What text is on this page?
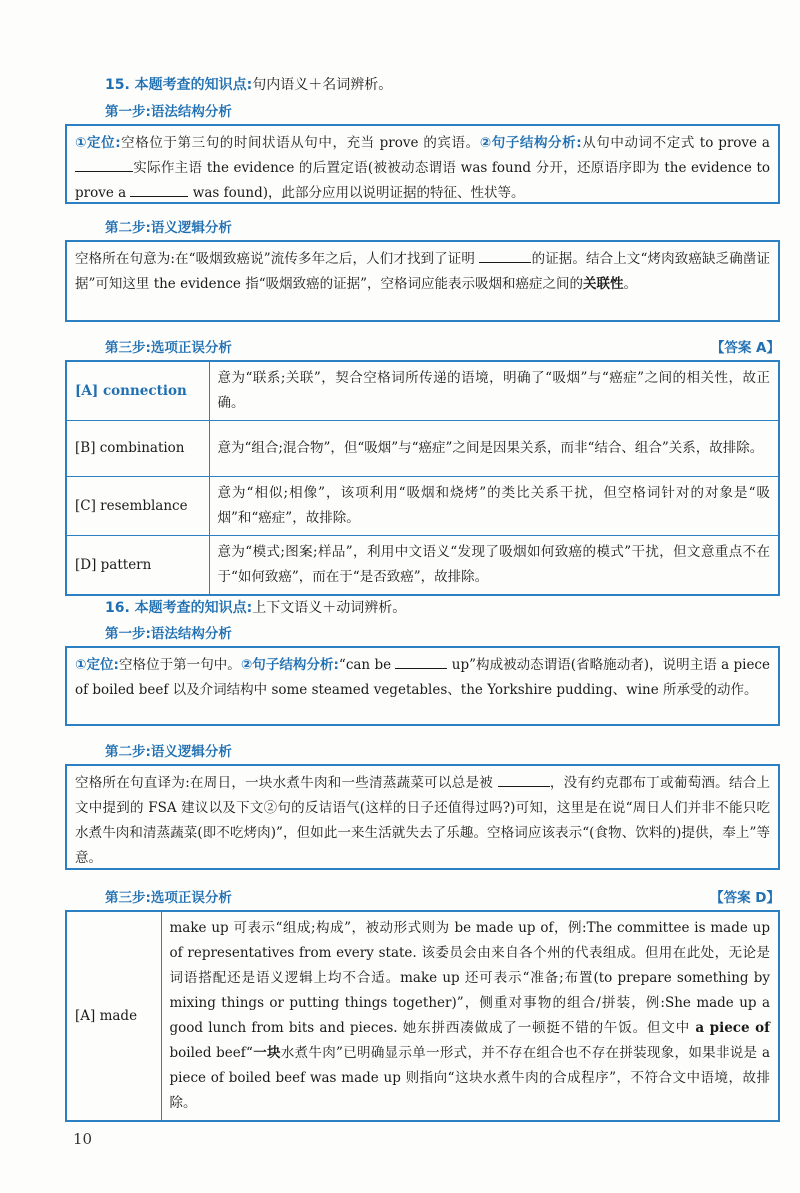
15. 本题考查的知识点:句内语义＋名词辨析。
第一步:语法结构分析
①定位:空格位于第三句的时间状语从句中，充当 prove 的宾语。②句子结构分析:从句中动词不定式 to prove a 实际作主语 the evidence 的后置定语(被被动态谓语 was found 分开，还原语序即为 the evidence to prove a	was found)，此部分应用以说明证据的特征、性状等。
第二步:语义逻辑分析
空格所在句意为:在“吸烟致癌说”流传多年之后，人们才找到了证明	的证据。结合上文“烤肉致癌缺乏确凿证据”可知这里 the evidence 指“吸烟致癌的证据”，空格词应能表示吸烟和癌症之间的关联性。
第三步:选项正误分析	【答案 A】
[A] connection	意为“联系;关联”，契合空格词所传递的语境，明确了“吸烟”与“癌症”之间的相关性，故正确。
[B] combination	意为“组合;混合物”，但“吸烟”与“癌症”之间是因果关系，而非“结合、组合”关系，故排除。
[C] resemblance	意为“相似;相像”，该项利用“吸烟和烧烤”的类比关系干扰，但空格词针对的对象是“吸烟”和“癌症”，故排除。
[D] pattern	意为“模式;图案;样品”，利用中文语义“发现了吸烟如何致癌的模式”干扰，但文意重点不在于“如何致癌”，而在于“是否致癌”，故排除。
16. 本题考查的知识点:上下文语义＋动词辨析。
第一步:语法结构分析
①定位:空格位于第一句中。②句子结构分析:“can be	up”构成被动态谓语(省略施动者)，说明主语 a piece of boiled beef 以及介词结构中 some steamed vegetables、the Yorkshire pudding、wine 所承受的动作。
第二步:语义逻辑分析
空格所在句直译为:在周日，一块水煮牛肉和一些清蒸蔬菜可以总是被	，没有约克郡布丁或葡萄酒。结合上文中提到的 FSA 建议以及下文②句的反诘语气(这样的日子还值得过吗?)可知，这里是在说“周日人们并非不能只吃水煮牛肉和清蒸蔬菜(即不吃烤肉)”，但如此一来生活就失去了乐趣。空格词应该表示“(食物、饮料的)提供，奉上”等意。
第三步:选项正误分析	【答案 D】
[A] made	make up 可表示“组成;构成”，被动形式则为 be made up of，例:The committee is made up of representatives from every state. 该委员会由来自各个州的代表组成。但用在此处，无论是词语搭配还是语义逻辑上均不合适。make up 还可表示“准备;布置(to prepare something by mixing things or putting things together)”，侧重对事物的组合/拼装，例:She made up a good lunch from bits and pieces. 她东拼西凑做成了一顿挺不错的午饭。但文中 a piece of boiled beef“一块水煮牛肉”已明确显示单一形式，并不存在组合也不存在拼装现象，如果非说是 a piece of boiled beef was made up 则指向“这块水煮牛肉的合成程序”，不符合文中语境，故排除。
10
